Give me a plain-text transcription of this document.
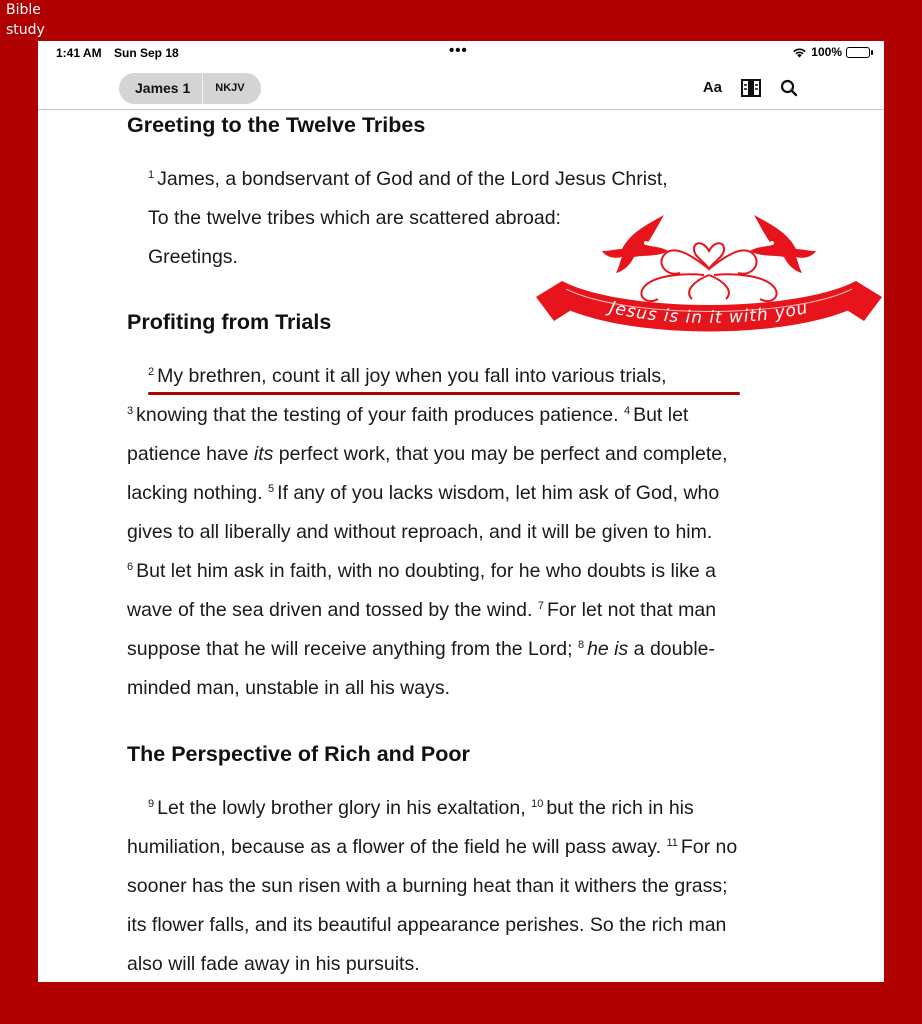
Bible
study
1:41 AM Sun Sep 18	•••	100%
James 1	NKJV	Aa
Greeting to the Twelve Tribes
$^1$ James, a bondservant of God and of the Lord Jesus Christ,
To the twelve tribes which are scattered abroad:
Greetings.
Profiting from Trials
$^2$ My brethren, count it all joy when you fall into various trials,
$^3$ knowing that the testing of your faith produces patience. $^4$ But let
patience have its perfect work, that you may be perfect and complete,
lacking nothing. $^5$ If any of you lacks wisdom, let him ask of God, who
gives to all liberally and without reproach, and it will be given to him.
$^6$ But let him ask in faith, with no doubting, for he who doubts is like a
wave of the sea driven and tossed by the wind. $^7$ For let not that man
suppose that he will receive anything from the Lord; $^8$ he is a double-
minded man, unstable in all his ways.
The Perspective of Rich and Poor
$^9$ Let the lowly brother glory in his exaltation, $^{10}$ but the rich in his
humiliation, because as a flower of the field he will pass away. $^{11}$ For no
sooner has the sun risen with a burning heat than it withers the grass;
its flower falls, and its beautiful appearance perishes. So the rich man
also will fade away in his pursuits.
Jesus is in it with you
